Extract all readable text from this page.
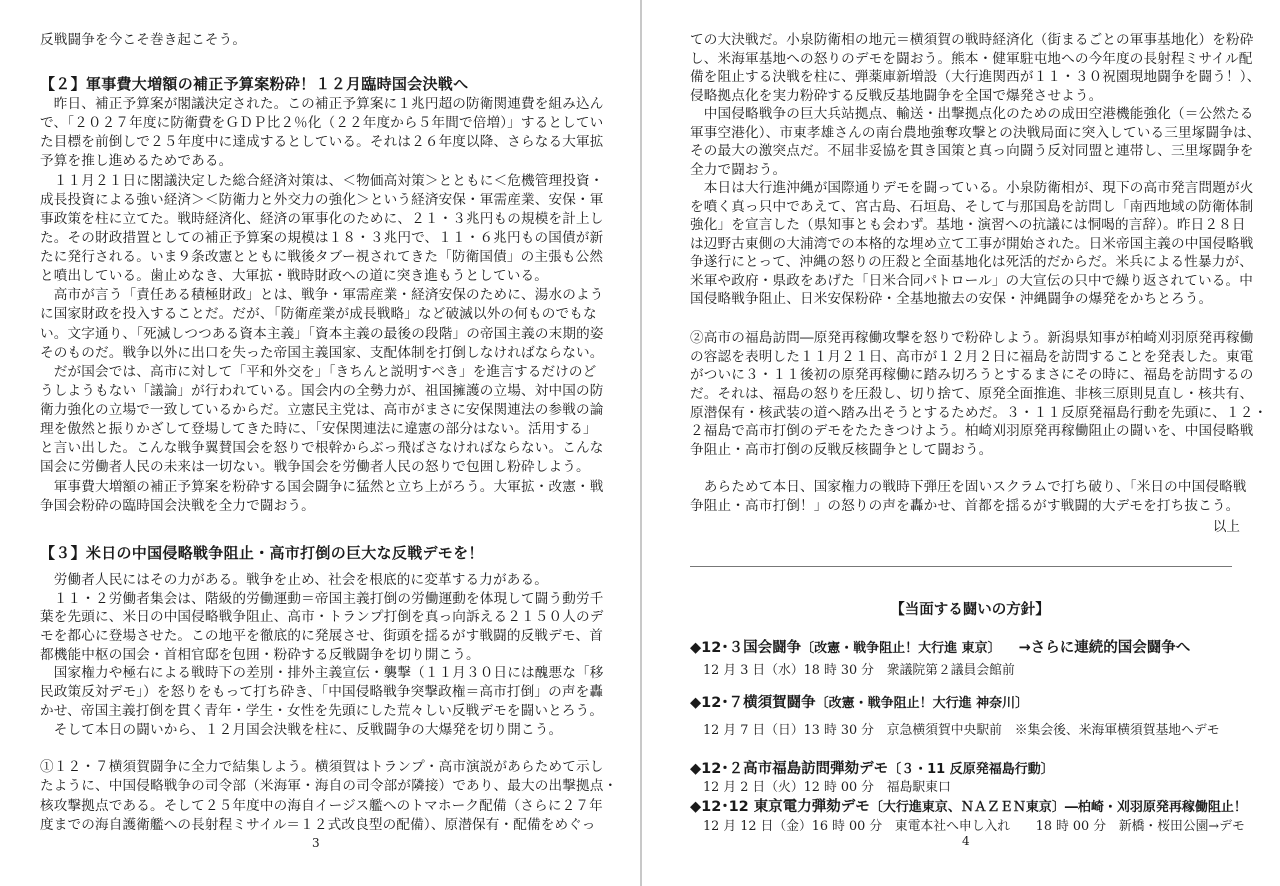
【２】軍事費大増額の補正予算案粉砕！１２月臨時国会決戦へ
【３】米日の中国侵略戦争阻止・高市打倒の巨大な反戦デモを！
3
反戦闘争を今こそ巻き起こそう。
　昨日、補正予算案が閣議決定された。この補正予算案に１兆円超の防衛関連費を組み込ん
で、「２０２７年度に防衛費をＧＤＰ比２％化（２２年度から５年間で倍増）」するとしてい
た目標を前倒しで２５年度中に達成するとしている。それは２６年度以降、さらなる大軍拡
予算を推し進めるためである。
　１１月２１日に閣議決定した総合経済対策は、＜物価高対策＞とともに＜危機管理投資・
成長投資による強い経済＞＜防衛力と外交力の強化＞という経済安保・軍需産業、安保・軍
事政策を柱に立てた。戦時経済化、経済の軍事化のために、２１・３兆円もの規模を計上し
た。その財政措置としての補正予算案の規模は１８・３兆円で、１１・６兆円もの国債が新
たに発行される。いま９条改憲とともに戦後タブー視されてきた「防衛国債」の主張も公然
と噴出している。歯止めなき、大軍拡・戦時財政への道に突き進もうとしている。
　高市が言う「責任ある積極財政」とは、戦争・軍需産業・経済安保のために、湯水のよう
に国家財政を投入することだ。だが、「防衛産業が成長戦略」など破滅以外の何ものでもな
い。文字通り、「死滅しつつある資本主義」「資本主義の最後の段階」の帝国主義の末期的姿
そのものだ。戦争以外に出口を失った帝国主義国家、支配体制を打倒しなければならない。
　だが国会では、高市に対して「平和外交を」「きちんと説明すべき」を進言するだけのど
うしようもない「議論」が行われている。国会内の全勢力が、祖国擁護の立場、対中国の防
衛力強化の立場で一致しているからだ。立憲民主党は、高市がまさに安保関連法の参戦の論
理を傲然と振りかざして登場してきた時に、「安保関連法に違憲の部分はない。活用する」
と言い出した。こんな戦争翼賛国会を怒りで根幹からぶっ飛ばさなければならない。こんな
国会に労働者人民の未来は一切ない。戦争国会を労働者人民の怒りで包囲し粉砕しよう。
　軍事費大増額の補正予算案を粉砕する国会闘争に猛然と立ち上がろう。大軍拡・改憲・戦
争国会粉砕の臨時国会決戦を全力で闘おう。
　労働者人民にはその力がある。戦争を止め、社会を根底的に変革する力がある。
　１１・２労働者集会は、階級的労働運動＝帝国主義打倒の労働運動を体現して闘う動労千
葉を先頭に、米日の中国侵略戦争阻止、高市・トランプ打倒を真っ向訴える２１５０人のデ
モを都心に登場させた。この地平を徹底的に発展させ、街頭を揺るがす戦闘的反戦デモ、首
都機能中枢の国会・首相官邸を包囲・粉砕する反戦闘争を切り開こう。
　国家権力や極右による戦時下の差別・排外主義宣伝・襲撃（１１月３０日には醜悪な「移
民政策反対デモ」）を怒りをもって打ち砕き、「中国侵略戦争突撃政権＝高市打倒」の声を轟
かせ、帝国主義打倒を貫く青年・学生・女性を先頭にした荒々しい反戦デモを闘いとろう。
　そして本日の闘いから、１２月国会決戦を柱に、反戦闘争の大爆発を切り開こう。
①１２・７横須賀闘争に全力で結集しよう。横須賀はトランプ・高市演説があらためて示し
たように、中国侵略戦争の司令部（米海軍・海自の司令部が隣接）であり、最大の出撃拠点・
核攻撃拠点である。そして２５年度中の海自イージス艦へのトマホーク配備（さらに２７年
度までの海自護衛艦への長射程ミサイル＝１２式改良型の配備）、原潜保有・配備をめぐっ
以上
【当面する闘いの方針】
4
ての大決戦だ。小泉防衛相の地元＝横須賀の戦時経済化（街まるごとの軍事基地化）を粉砕
し、米海軍基地への怒りのデモを闘おう。熊本・健軍駐屯地への今年度の長射程ミサイル配
備を阻止する決戦を柱に、弾薬庫新増設（大行進関西が１１・３０祝園現地闘争を闘う！）、
侵略拠点化を実力粉砕する反戦反基地闘争を全国で爆発させよう。
　中国侵略戦争の巨大兵站拠点、輸送・出撃拠点化のための成田空港機能強化（＝公然たる
軍事空港化）、市東孝雄さんの南台農地強奪攻撃との決戦局面に突入している三里塚闘争は、
その最大の激突点だ。不屈非妥協を貫き国策と真っ向闘う反対同盟と連帯し、三里塚闘争を
全力で闘おう。
　本日は大行進沖縄が国際通りデモを闘っている。小泉防衛相が、現下の高市発言問題が火
を噴く真っ只中であえて、宮古島、石垣島、そして与那国島を訪問し「南西地域の防衛体制
強化」を宣言した（県知事とも会わず。基地・演習への抗議には恫喝的言辞）。昨日２８日
は辺野古東側の大浦湾での本格的な埋め立て工事が開始された。日米帝国主義の中国侵略戦
争遂行にとって、沖縄の怒りの圧殺と全面基地化は死活的だからだ。米兵による性暴力が、
米軍や政府・県政をあげた「日米合同パトロール」の大宣伝の只中で繰り返されている。中
国侵略戦争阻止、日米安保粉砕・全基地撤去の安保・沖縄闘争の爆発をかちとろう。
②高市の福島訪問―原発再稼働攻撃を怒りで粉砕しよう。新潟県知事が柏崎刈羽原発再稼働
の容認を表明した１１月２１日、高市が１２月２日に福島を訪問することを発表した。東電
がついに３・１１後初の原発再稼働に踏み切ろうとするまさにその時に、福島を訪問するの
だ。それは、福島の怒りを圧殺し、切り捨て、原発全面推進、非核三原則見直し・核共有、
原潜保有・核武装の道へ踏み出そうとするためだ。３・１１反原発福島行動を先頭に、１２・
２福島で高市打倒のデモをたたきつけよう。柏崎刈羽原発再稼働阻止の闘いを、中国侵略戦
争阻止・高市打倒の反戦反核闘争として闘おう。
　あらためて本日、国家権力の戦時下弾圧を固いスクラムで打ち破り、「米日の中国侵略戦
争阻止・高市打倒！」の怒りの声を轟かせ、首都を揺るがす戦闘的大デモを打ち抜こう。
◆12･３国会闘争〔改憲・戦争阻止！大行進 東京〕 →さらに連続的国会闘争へ
12 月 3 日（水）18 時 30 分　衆議院第２議員会館前
◆12･７横須賀闘争〔改憲・戦争阻止！大行進 神奈川〕
12 月 7 日（日）13 時 30 分　京急横須賀中央駅前　※集会後、米海軍横須賀基地へデモ
◆12･２高市福島訪問弾劾デモ〔３・11 反原発福島行動〕
12 月 2 日（火）12 時 00 分　福島駅東口
◆12･12 東京電力弾劾デモ〔大行進東京、ＮＡＺＥＮ東京〕―柏崎・刈羽原発再稼働阻止！
12 月 12 日（金）16 時 00 分　東電本社へ申し入れ　　18 時 00 分　新橋・桜田公園→デモ
